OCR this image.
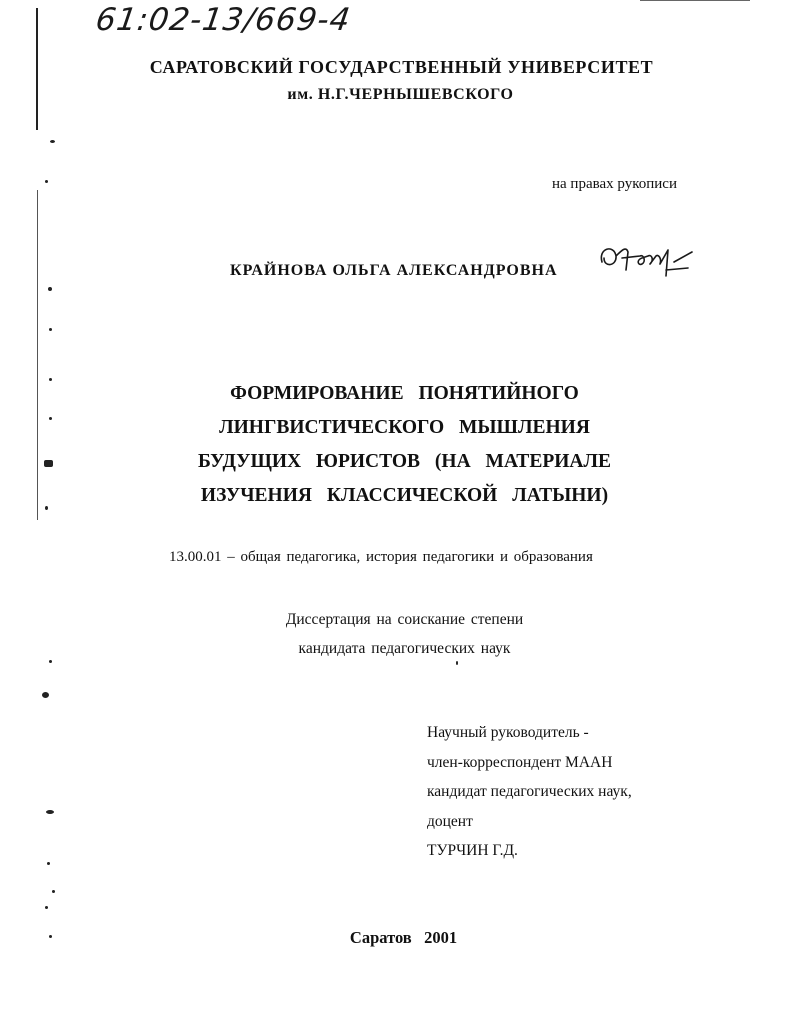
61:02-13/669-4
САРАТОВСКИЙ ГОСУДАРСТВЕННЫЙ УНИВЕРСИТЕТ
им. Н.Г.ЧЕРНЫШЕВСКОГО
на правах рукописи
КРАЙНОВА ОЛЬГА АЛЕКСАНДРОВНА
ФОРМИРОВАНИЕ ПОНЯТИЙНОГО
ЛИНГВИСТИЧЕСКОГО МЫШЛЕНИЯ
БУДУЩИХ ЮРИСТОВ (НА МАТЕРИАЛЕ
ИЗУЧЕНИЯ КЛАССИЧЕСКОЙ ЛАТЫНИ)
13.00.01 – общая педагогика, история педагогики и образования
Диссертация на соискание степени
кандидата педагогических наук
Научный руководитель -
член-корреспондент МААН
кандидат педагогических наук,
доцент
ТУРЧИН Г.Д.
Саратов   2001
